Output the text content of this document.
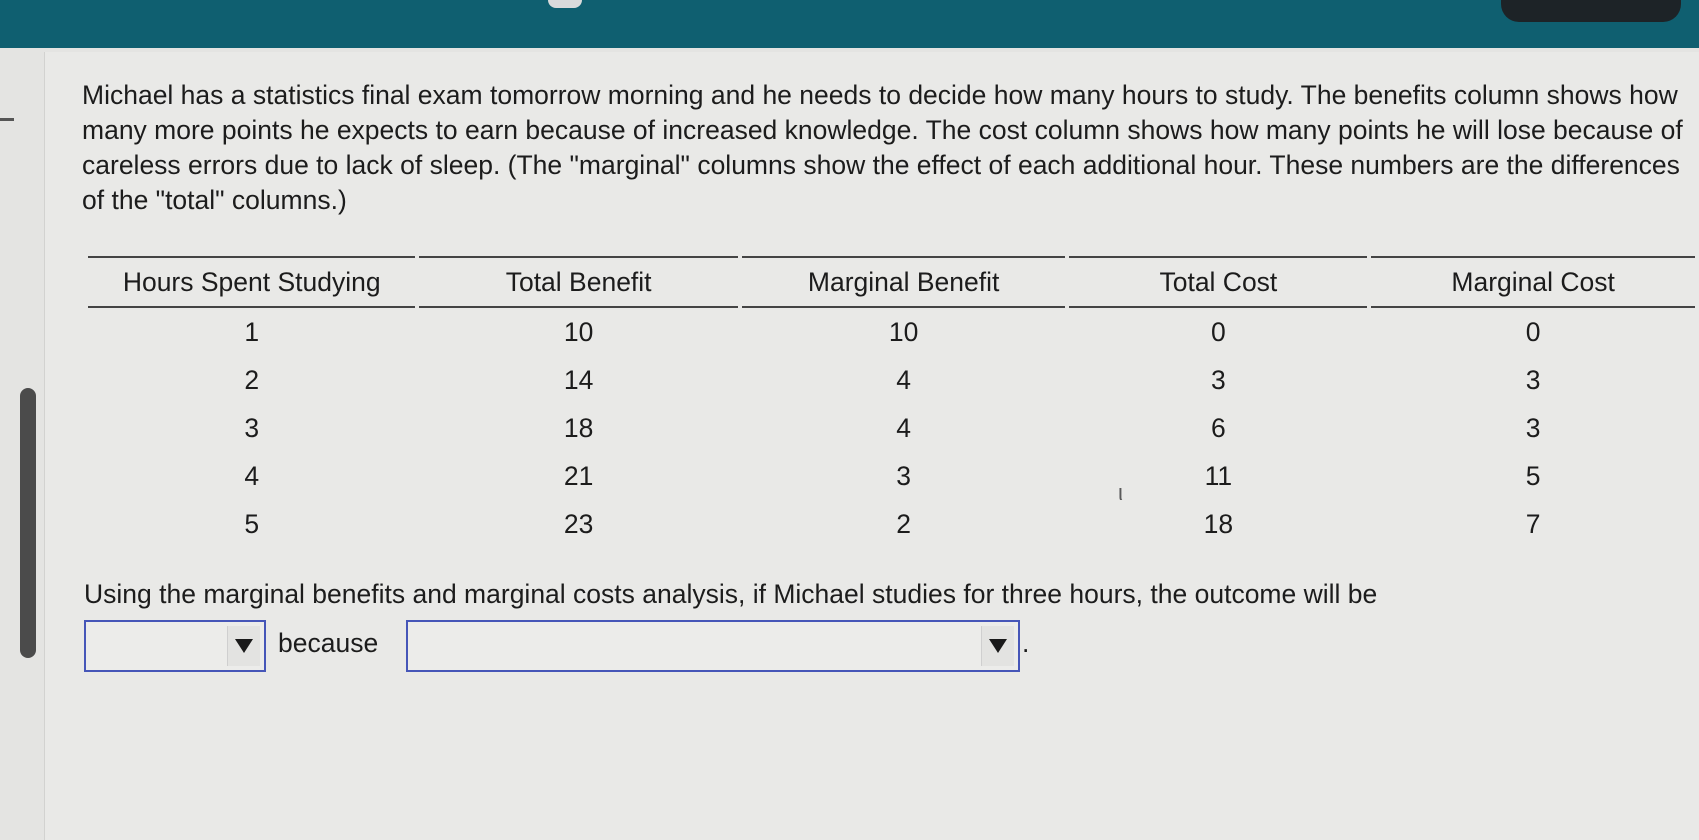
Michael has a statistics final exam tomorrow morning and he needs to decide how many hours to study. The benefits column shows how many more points he expects to earn because of increased knowledge. The cost column shows how many points he will lose because of careless errors due to lack of sleep. (The "marginal" columns show the effect of each additional hour. These numbers are the differences of the "total" columns.)

Hours Spent Studying	Total Benefit	Marginal Benefit	Total Cost	Marginal Cost
1	10	10	0	0
2	14	4	3	3
3	18	4	6	3
4	21	3	11	5
5	23	2	18	7
ι

Using the marginal benefits and marginal costs analysis, if Michael studies for three hours, the outcome will be

because	.
